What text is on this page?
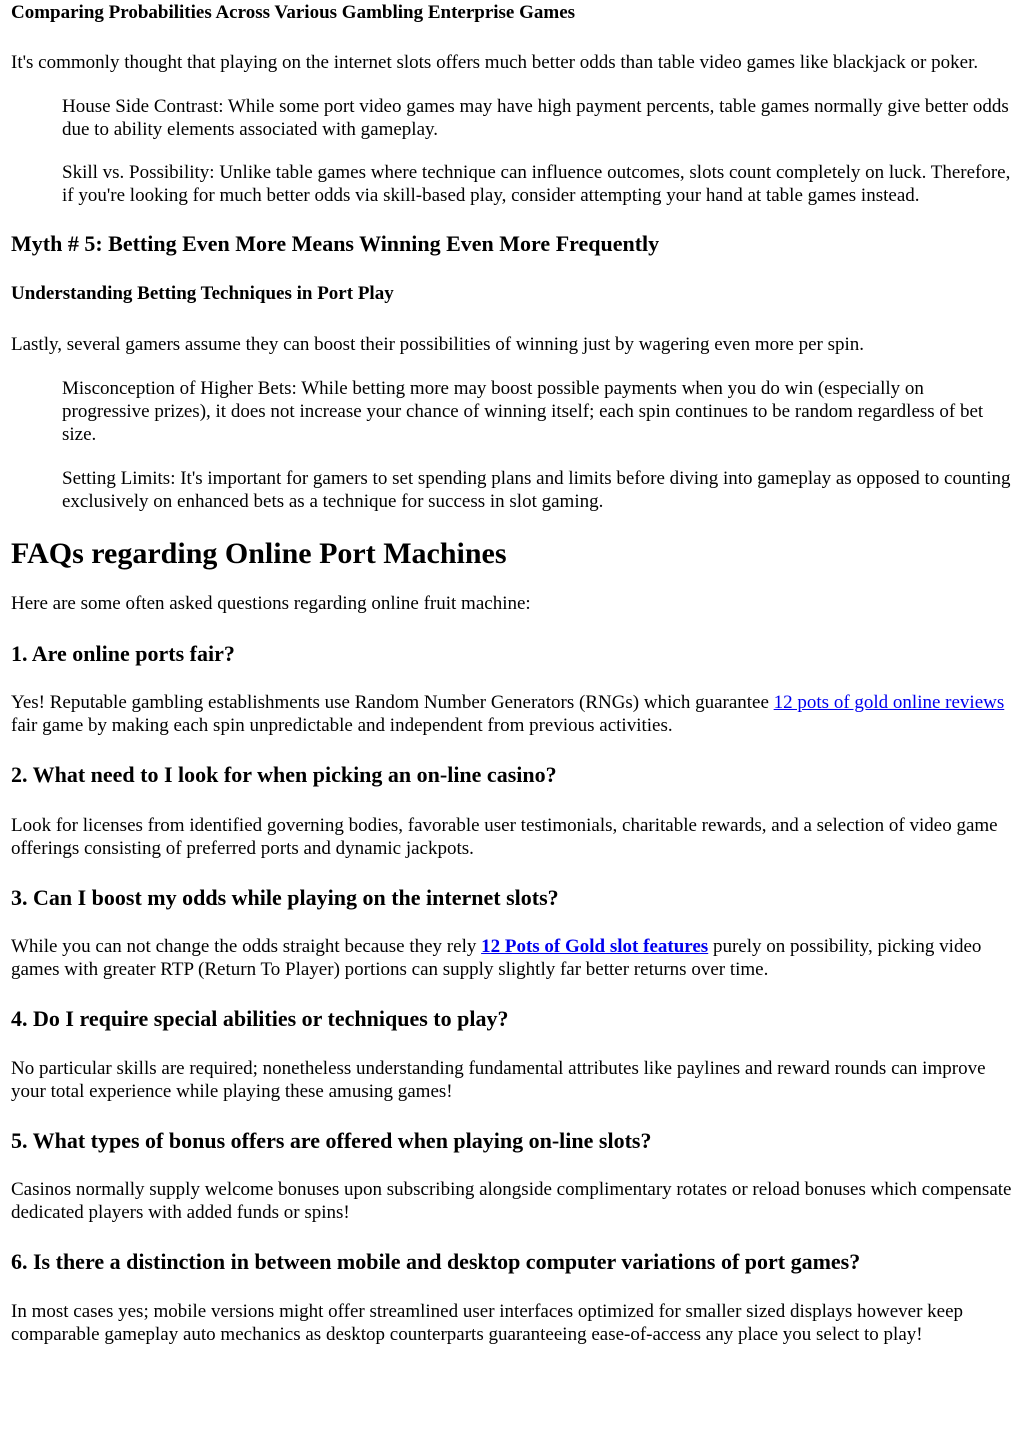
Comparing Probabilities Across Various Gambling Enterprise Games

It's commonly thought that playing on the internet slots offers much better odds than table video games like blackjack or poker.

House Side Contrast: While some port video games may have high payment percents, table games normally give better odds due to ability elements associated with gameplay.

Skill vs. Possibility: Unlike table games where technique can influence outcomes, slots count completely on luck. Therefore, if you're looking for much better odds via skill-based play, consider attempting your hand at table games instead.

Myth # 5: Betting Even More Means Winning Even More Frequently

Understanding Betting Techniques in Port Play

Lastly, several gamers assume they can boost their possibilities of winning just by wagering even more per spin.

Misconception of Higher Bets: While betting more may boost possible payments when you do win (especially on progressive prizes), it does not increase your chance of winning itself; each spin continues to be random regardless of bet size.

Setting Limits: It's important for gamers to set spending plans and limits before diving into gameplay as opposed to counting exclusively on enhanced bets as a technique for success in slot gaming.

FAQs regarding Online Port Machines

Here are some often asked questions regarding online fruit machine:

1. Are online ports fair?

Yes! Reputable gambling establishments use Random Number Generators (RNGs) which guarantee 12 pots of gold online reviews fair game by making each spin unpredictable and independent from previous activities.

2. What need to I look for when picking an on-line casino?

Look for licenses from identified governing bodies, favorable user testimonials, charitable rewards, and a selection of video game offerings consisting of preferred ports and dynamic jackpots.

3. Can I boost my odds while playing on the internet slots?

While you can not change the odds straight because they rely 12 Pots of Gold slot features purely on possibility, picking video games with greater RTP (Return To Player) portions can supply slightly far better returns over time.

4. Do I require special abilities or techniques to play?

No particular skills are required; nonetheless understanding fundamental attributes like paylines and reward rounds can improve your total experience while playing these amusing games!

5. What types of bonus offers are offered when playing on-line slots?

Casinos normally supply welcome bonuses upon subscribing alongside complimentary rotates or reload bonuses which compensate dedicated players with added funds or spins!

6. Is there a distinction in between mobile and desktop computer variations of port games?

In most cases yes; mobile versions might offer streamlined user interfaces optimized for smaller sized displays however keep comparable gameplay auto mechanics as desktop counterparts guaranteeing ease-of-access any place you select to play!
